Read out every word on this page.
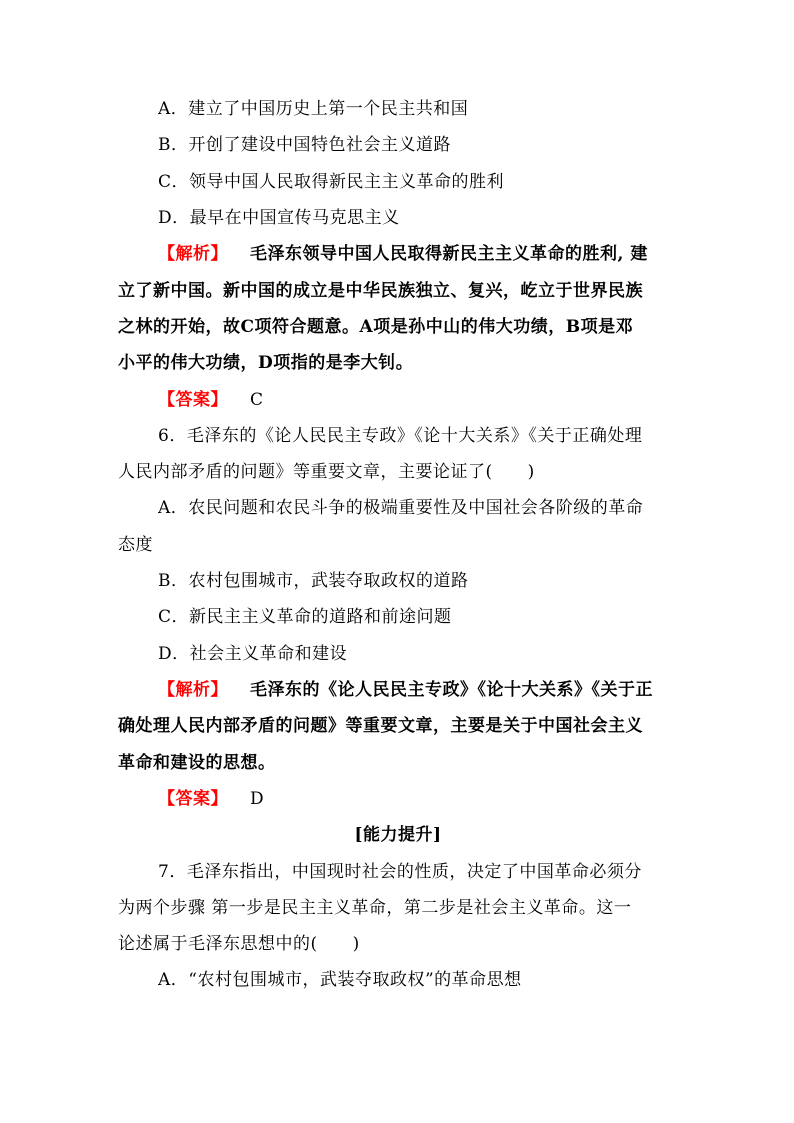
A．建立了中国历史上第一个民主共和国
B．开创了建设中国特色社会主义道路
C．领导中国人民取得新民主主义革命的胜利
D．最早在中国宣传马克思主义
【解析】 毛泽东领导中国人民取得新民主主义革命的胜利, 建
立了新中国。新中国的成立是中华民族独立、复兴，屹立于世界民族
之林的开始，故C项符合题意。A项是孙中山的伟大功绩，B项是邓
小平的伟大功绩，D项指的是李大钊。
【答案】 C
6．毛泽东的《论人民民主专政》《论十大关系》《关于正确处理
人民内部矛盾的问题》等重要文章，主要论证了(　　)
A．农民问题和农民斗争的极端重要性及中国社会各阶级的革命
态度
B．农村包围城市，武装夺取政权的道路
C．新民主主义革命的道路和前途问题
D．社会主义革命和建设
【解析】 毛泽东的《论人民民主专政》《论十大关系》《关于正
确处理人民内部矛盾的问题》等重要文章，主要是关于中国社会主义
革命和建设的思想。
【答案】 D
[能力提升]
7．毛泽东指出，中国现时社会的性质，决定了中国革命必须分
为两个步骤 第一步是民主主义革命，第二步是社会主义革命。这一
论述属于毛泽东思想中的(　　)
A．“农村包围城市，武装夺取政权”的革命思想
